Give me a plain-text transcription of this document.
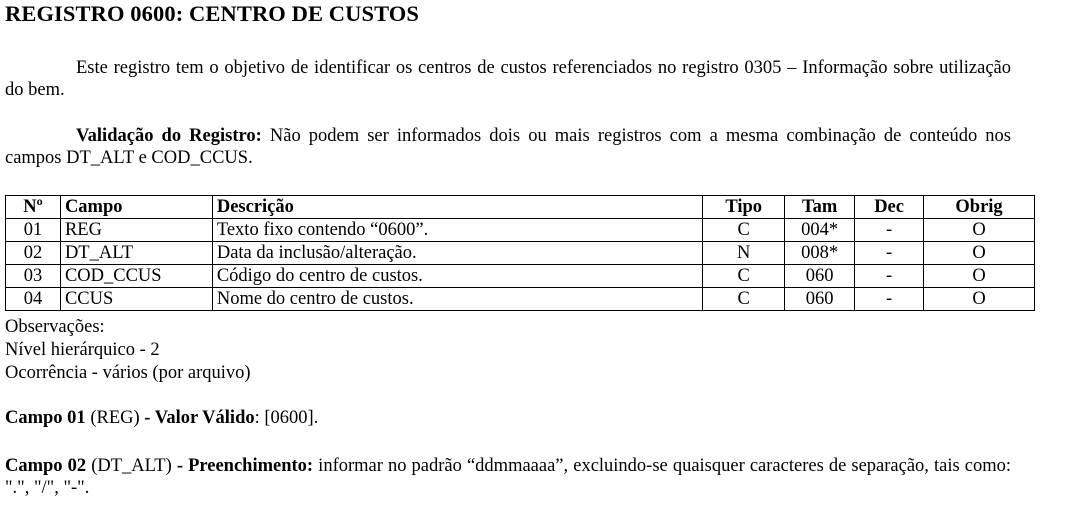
REGISTRO 0600: CENTRO DE CUSTOS

Este registro tem o objetivo de identificar os centros de custos referenciados no registro 0305 – Informação sobre utilização do bem.

Validação do Registro: Não podem ser informados dois ou mais registros com a mesma combinação de conteúdo nos campos DT_ALT e COD_CCUS.

Nº	Campo	Descrição	Tipo	Tam	Dec	Obrig
01	REG	Texto fixo contendo “0600”.	C	004*	-	O
02	DT_ALT	Data da inclusão/alteração.	N	008*	-	O
03	COD_CCUS	Código do centro de custos.	C	060	-	O
04	CCUS	Nome do centro de custos.	C	060	-	O
Observações:
Nível hierárquico - 2
Ocorrência - vários (por arquivo)
Campo 01 (REG) - Valor Válido: [0600].
Campo 02 (DT_ALT) - Preenchimento: informar no padrão “ddmmaaaa”, excluindo-se quaisquer caracteres de separação, tais como: ".", "/", "-".
